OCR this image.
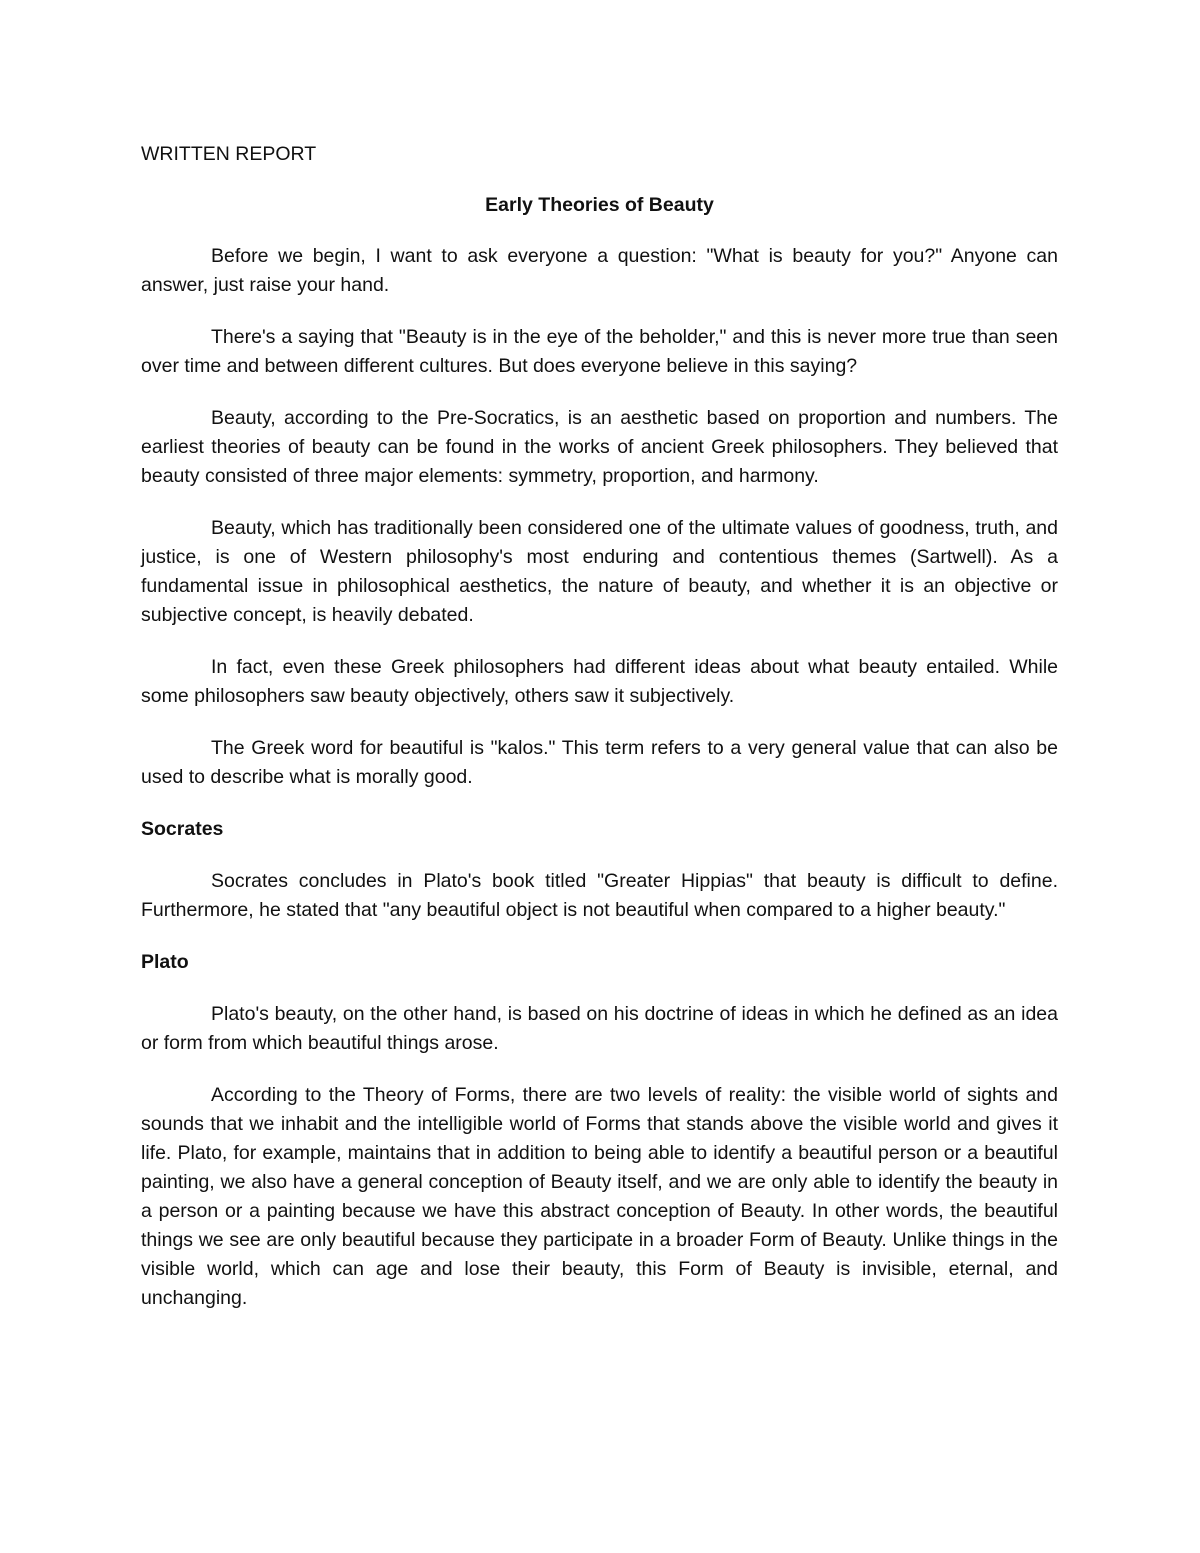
WRITTEN REPORT

Early Theories of Beauty

Before we begin, I want to ask everyone a question: "What is beauty for you?" Anyone can answer, just raise your hand.

There's a saying that "Beauty is in the eye of the beholder," and this is never more true than seen over time and between different cultures. But does everyone believe in this saying?

Beauty, according to the Pre-Socratics, is an aesthetic based on proportion and numbers. The earliest theories of beauty can be found in the works of ancient Greek philosophers. They believed that beauty consisted of three major elements: symmetry, proportion, and harmony.

Beauty, which has traditionally been considered one of the ultimate values of goodness, truth, and justice, is one of Western philosophy's most enduring and contentious themes (Sartwell). As a fundamental issue in philosophical aesthetics, the nature of beauty, and whether it is an objective or subjective concept, is heavily debated.

In fact, even these Greek philosophers had different ideas about what beauty entailed. While some philosophers saw beauty objectively, others saw it subjectively.

The Greek word for beautiful is "kalos." This term refers to a very general value that can also be used to describe what is morally good.

Socrates

Socrates concludes in Plato's book titled "Greater Hippias" that beauty is difficult to define. Furthermore, he stated that "any beautiful object is not beautiful when compared to a higher beauty."

Plato

Plato's beauty, on the other hand, is based on his doctrine of ideas in which he defined as an idea or form from which beautiful things arose.

According to the Theory of Forms, there are two levels of reality: the visible world of sights and sounds that we inhabit and the intelligible world of Forms that stands above the visible world and gives it life. Plato, for example, maintains that in addition to being able to identify a beautiful person or a beautiful painting, we also have a general conception of Beauty itself, and we are only able to identify the beauty in a person or a painting because we have this abstract conception of Beauty. In other words, the beautiful things we see are only beautiful because they participate in a broader Form of Beauty. Unlike things in the visible world, which can age and lose their beauty, this Form of Beauty is invisible, eternal, and unchanging.
